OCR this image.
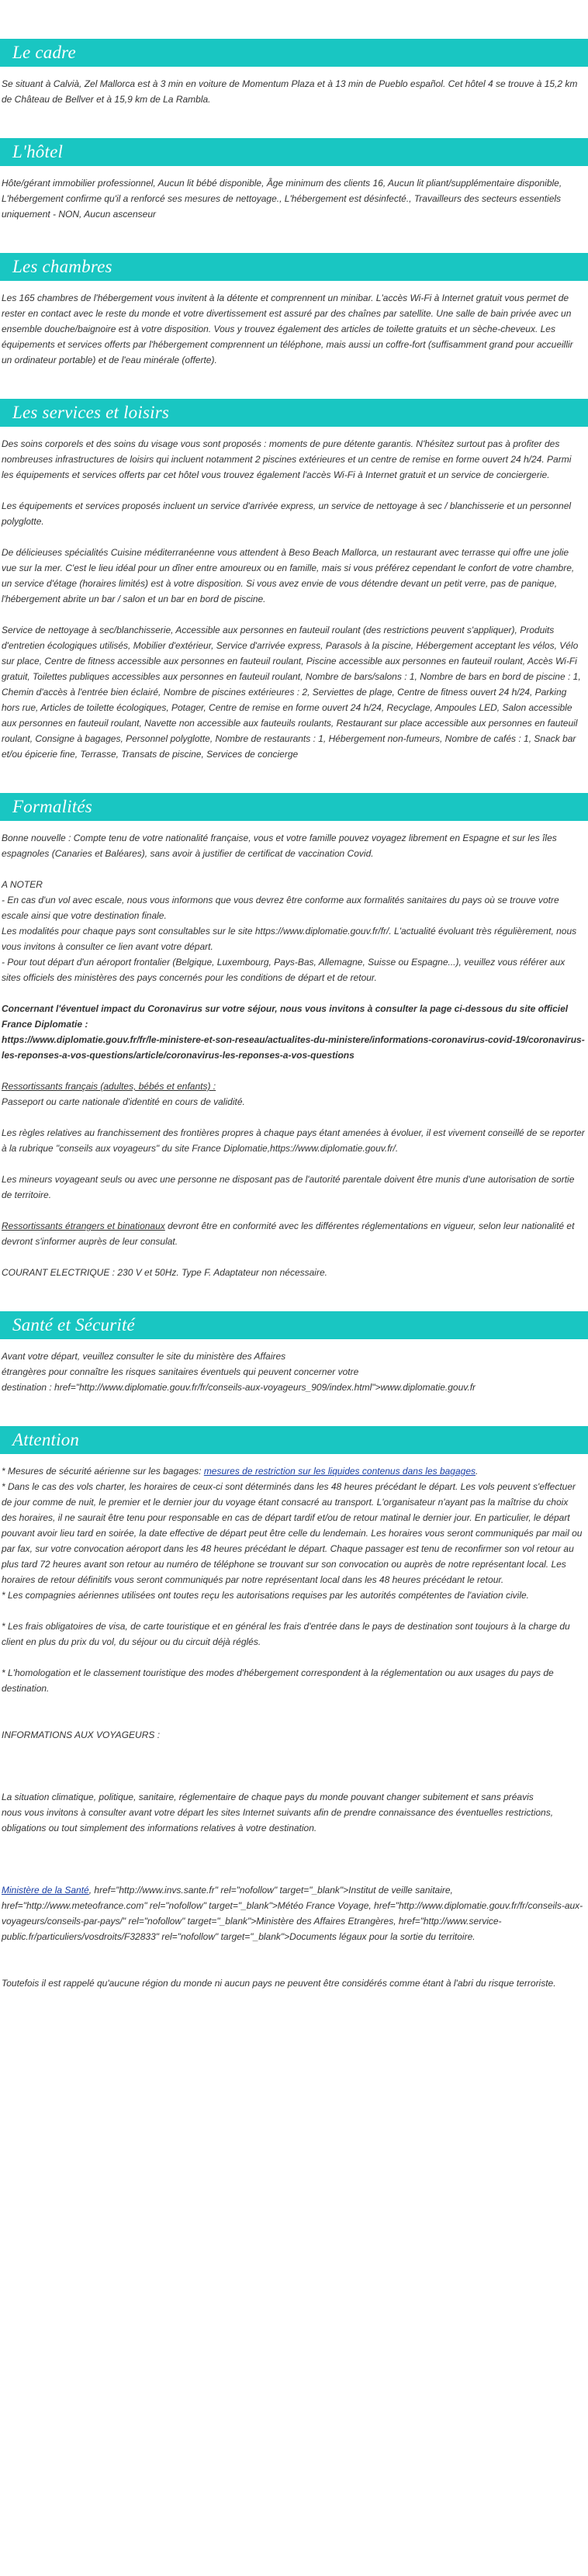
Le cadre

Se situant à Calvià, Zel Mallorca est à 3 min en voiture de Momentum Plaza et à 13 min de Pueblo español. Cet hôtel 4 se trouve à 15,2 km de Château de Bellver et à 15,9 km de La Rambla.

L'hôtel

Hôte/gérant immobilier professionnel, Aucun lit bébé disponible, Âge minimum des clients 16, Aucun lit pliant/supplémentaire disponible, L'hébergement confirme qu'il a renforcé ses mesures de nettoyage., L'hébergement est désinfecté., Travailleurs des secteurs essentiels uniquement - NON, Aucun ascenseur

Les chambres

Les 165 chambres de l'hébergement vous invitent à la détente et comprennent un minibar. L'accès Wi-Fi à Internet gratuit vous permet de rester en contact avec le reste du monde et votre divertissement est assuré par des chaînes par satellite. Une salle de bain privée avec un ensemble douche/baignoire est à votre disposition. Vous y trouvez également des articles de toilette gratuits et un sèche-cheveux. Les équipements et services offerts par l'hébergement comprennent un téléphone, mais aussi un coffre-fort (suffisamment grand pour accueillir un ordinateur portable) et de l'eau minérale (offerte).

Les services et loisirs

Des soins corporels et des soins du visage vous sont proposés : moments de pure détente garantis. N'hésitez surtout pas à profiter des nombreuses infrastructures de loisirs qui incluent notamment 2 piscines extérieures et un centre de remise en forme ouvert 24 h/24. Parmi les équipements et services offerts par cet hôtel vous trouvez également l'accès Wi-Fi à Internet gratuit et un service de conciergerie.

Les équipements et services proposés incluent un service d'arrivée express, un service de nettoyage à sec / blanchisserie et un personnel polyglotte.

De délicieuses spécialités Cuisine méditerranéenne vous attendent à Beso Beach Mallorca, un restaurant avec terrasse qui offre une jolie vue sur la mer. C'est le lieu idéal pour un dîner entre amoureux ou en famille, mais si vous préférez cependant le confort de votre chambre, un service d'étage (horaires limités) est à votre disposition. Si vous avez envie de vous détendre devant un petit verre, pas de panique, l'hébergement abrite un bar / salon et un bar en bord de piscine.

Service de nettoyage à sec/blanchisserie, Accessible aux personnes en fauteuil roulant (des restrictions peuvent s'appliquer), Produits d'entretien écologiques utilisés, Mobilier d'extérieur, Service d'arrivée express, Parasols à la piscine, Hébergement acceptant les vélos, Vélo sur place, Centre de fitness accessible aux personnes en fauteuil roulant, Piscine accessible aux personnes en fauteuil roulant, Accès Wi-Fi gratuit, Toilettes publiques accessibles aux personnes en fauteuil roulant, Nombre de bars/salons : 1, Nombre de bars en bord de piscine : 1, Chemin d'accès à l'entrée bien éclairé, Nombre de piscines extérieures : 2, Serviettes de plage, Centre de fitness ouvert 24 h/24, Parking hors rue, Articles de toilette écologiques, Potager, Centre de remise en forme ouvert 24 h/24, Recyclage, Ampoules LED, Salon accessible aux personnes en fauteuil roulant, Navette non accessible aux fauteuils roulants, Restaurant sur place accessible aux personnes en fauteuil roulant, Consigne à bagages, Personnel polyglotte, Nombre de restaurants : 1, Hébergement non-fumeurs, Nombre de cafés : 1, Snack bar et/ou épicerie fine, Terrasse, Transats de piscine, Services de concierge

Formalités

Bonne nouvelle : Compte tenu de votre nationalité française, vous et votre famille pouvez voyagez librement en Espagne et sur les îles espagnoles (Canaries et Baléares), sans avoir à justifier de certificat de vaccination Covid.

A NOTER

- En cas d'un vol avec escale, nous vous informons que vous devrez être conforme aux formalités sanitaires du pays où se trouve votre escale ainsi que votre destination finale.
Les modalités pour chaque pays sont consultables sur le site https://www.diplomatie.gouv.fr/fr/. L'actualité évoluant très régulièrement, nous vous invitons à consulter ce lien avant votre départ.
- Pour tout départ d'un aéroport frontalier (Belgique, Luxembourg, Pays-Bas, Allemagne, Suisse ou Espagne...), veuillez vous référer aux sites officiels des ministères des pays concernés pour les conditions de départ et de retour.

Concernant l'éventuel impact du Coronavirus sur votre séjour, nous vous invitons à consulter la page ci-dessous du site officiel France Diplomatie :
https://www.diplomatie.gouv.fr/fr/le-ministere-et-son-reseau/actualites-du-ministere/informations-coronavirus-covid-19/coronavirus-les-reponses-a-vos-questions/article/coronavirus-les-reponses-a-vos-questions

Ressortissants français (adultes, bébés et enfants) :

Passeport ou carte nationale d'identité en cours de validité.

Les règles relatives au franchissement des frontières propres à chaque pays étant amenées à évoluer, il est vivement conseillé de se reporter à la rubrique "conseils aux voyageurs" du site France Diplomatie,https://www.diplomatie.gouv.fr/.

Les mineurs voyageant seuls ou avec une personne ne disposant pas de l'autorité parentale doivent être munis d'une autorisation de sortie de territoire.

Ressortissants étrangers et binationaux devront être en conformité avec les différentes réglementations en vigueur, selon leur nationalité et devront s'informer auprès de leur consulat.

COURANT ELECTRIQUE : 230 V et 50Hz. Type F. Adaptateur non nécessaire.

Santé et Sécurité

Avant votre départ, veuillez consulter le site du ministère des Affaires
étrangères pour connaître les risques sanitaires éventuels qui peuvent concerner votre
destination : href="http://www.diplomatie.gouv.fr/fr/conseils-aux-voyageurs_909/index.html">www.diplomatie.gouv.fr

Attention

* Mesures de sécurité aérienne sur les bagages: mesures de restriction sur les liquides contenus dans les bagages.

* Dans le cas des vols charter, les horaires de ceux-ci sont déterminés dans les 48 heures précédant le départ. Les vols peuvent s'effectuer de jour comme de nuit, le premier et le dernier jour du voyage étant consacré au transport. L'organisateur n'ayant pas la maîtrise du choix des horaires, il ne saurait être tenu pour responsable en cas de départ tardif et/ou de retour matinal le dernier jour. En particulier, le départ pouvant avoir lieu tard en soirée, la date effective de départ peut être celle du lendemain. Les horaires vous seront communiqués par mail ou par fax, sur votre convocation aéroport dans les 48 heures précédant le départ. Chaque passager est tenu de reconfirmer son vol retour au plus tard 72 heures avant son retour au numéro de téléphone se trouvant sur son convocation ou auprès de notre représentant local. Les horaires de retour définitifs vous seront communiqués par notre représentant local dans les 48 heures précédant le retour.

* Les compagnies aériennes utilisées ont toutes reçu les autorisations requises par les autorités compétentes de l'aviation civile.

* Les frais obligatoires de visa, de carte touristique et en général les frais d'entrée dans le pays de destination sont toujours à la charge du client en plus du prix du vol, du séjour ou du circuit déjà réglés.

* L'homologation et le classement touristique des modes d'hébergement correspondent à la réglementation ou aux usages du pays de destination.

INFORMATIONS AUX VOYAGEURS :

La situation climatique, politique, sanitaire, réglementaire de chaque pays du monde pouvant changer subitement et sans préavis
nous vous invitons à consulter avant votre départ les sites Internet suivants afin de prendre connaissance des éventuelles restrictions, obligations ou tout simplement des informations relatives à votre destination.

Ministère de la Santé, href="http://www.invs.sante.fr" rel="nofollow" target="_blank">Institut de veille sanitaire, href="http://www.meteofrance.com" rel="nofollow" target="_blank">Météo France Voyage, href="http://www.diplomatie.gouv.fr/fr/conseils-aux-voyageurs/conseils-par-pays/" rel="nofollow" target="_blank">Ministère des Affaires Etrangères, href="http://www.service-public.fr/particuliers/vosdroits/F32833" rel="nofollow" target="_blank">Documents légaux pour la sortie du territoire.

Toutefois il est rappelé qu'aucune région du monde ni aucun pays ne peuvent être considérés comme étant à l'abri du risque terroriste.
